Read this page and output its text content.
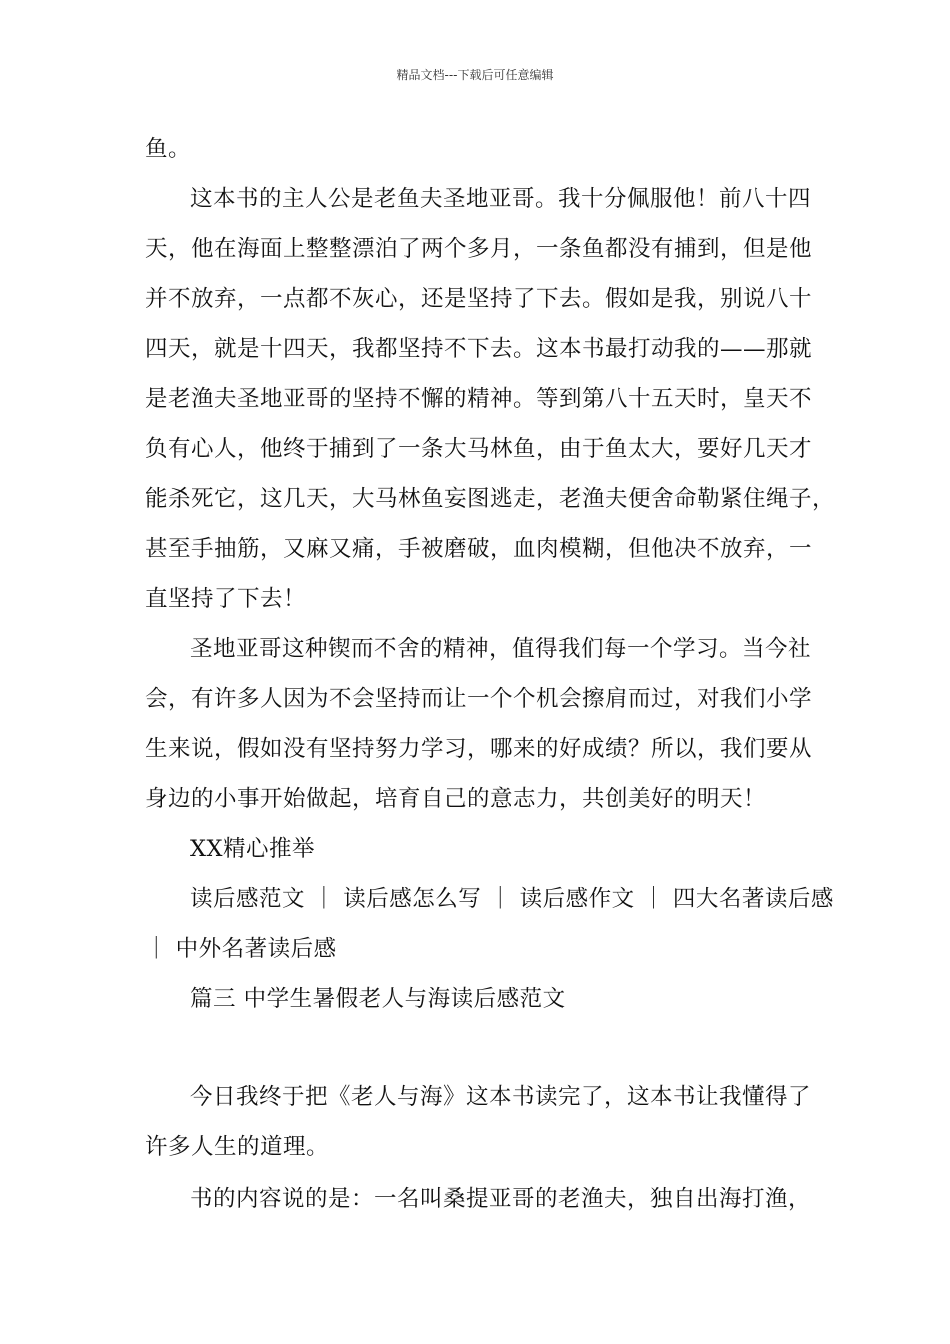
精品文档---下载后可任意编辑
鱼。
这本书的主人公是老鱼夫圣地亚哥。我十分佩服他！前八十四
天，他在海面上整整漂泊了两个多月，一条鱼都没有捕到，但是他
并不放弃，一点都不灰心，还是坚持了下去。假如是我，别说八十
四天，就是十四天，我都坚持不下去。这本书最打动我的——那就
是老渔夫圣地亚哥的坚持不懈的精神。等到第八十五天时，皇天不
负有心人，他终于捕到了一条大马林鱼，由于鱼太大，要好几天才
能杀死它，这几天，大马林鱼妄图逃走，老渔夫便舍命勒紧住绳子，
甚至手抽筋，又麻又痛，手被磨破，血肉模糊，但他决不放弃，一
直坚持了下去！
圣地亚哥这种锲而不舍的精神，值得我们每一个学习。当今社
会，有许多人因为不会坚持而让一个个机会擦肩而过，对我们小学
生来说，假如没有坚持努力学习，哪来的好成绩？所以，我们要从
身边的小事开始做起，培育自己的意志力，共创美好的明天！
XX精心推举
读后感范文 ｜ 读后感怎么写 ｜ 读后感作文 ｜ 四大名著读后感
｜ 中外名著读后感
篇三 中学生暑假老人与海读后感范文
今日我终于把《老人与海》这本书读完了，这本书让我懂得了
许多人生的道理。
书的内容说的是：一名叫桑提亚哥的老渔夫，独自出海打渔，
